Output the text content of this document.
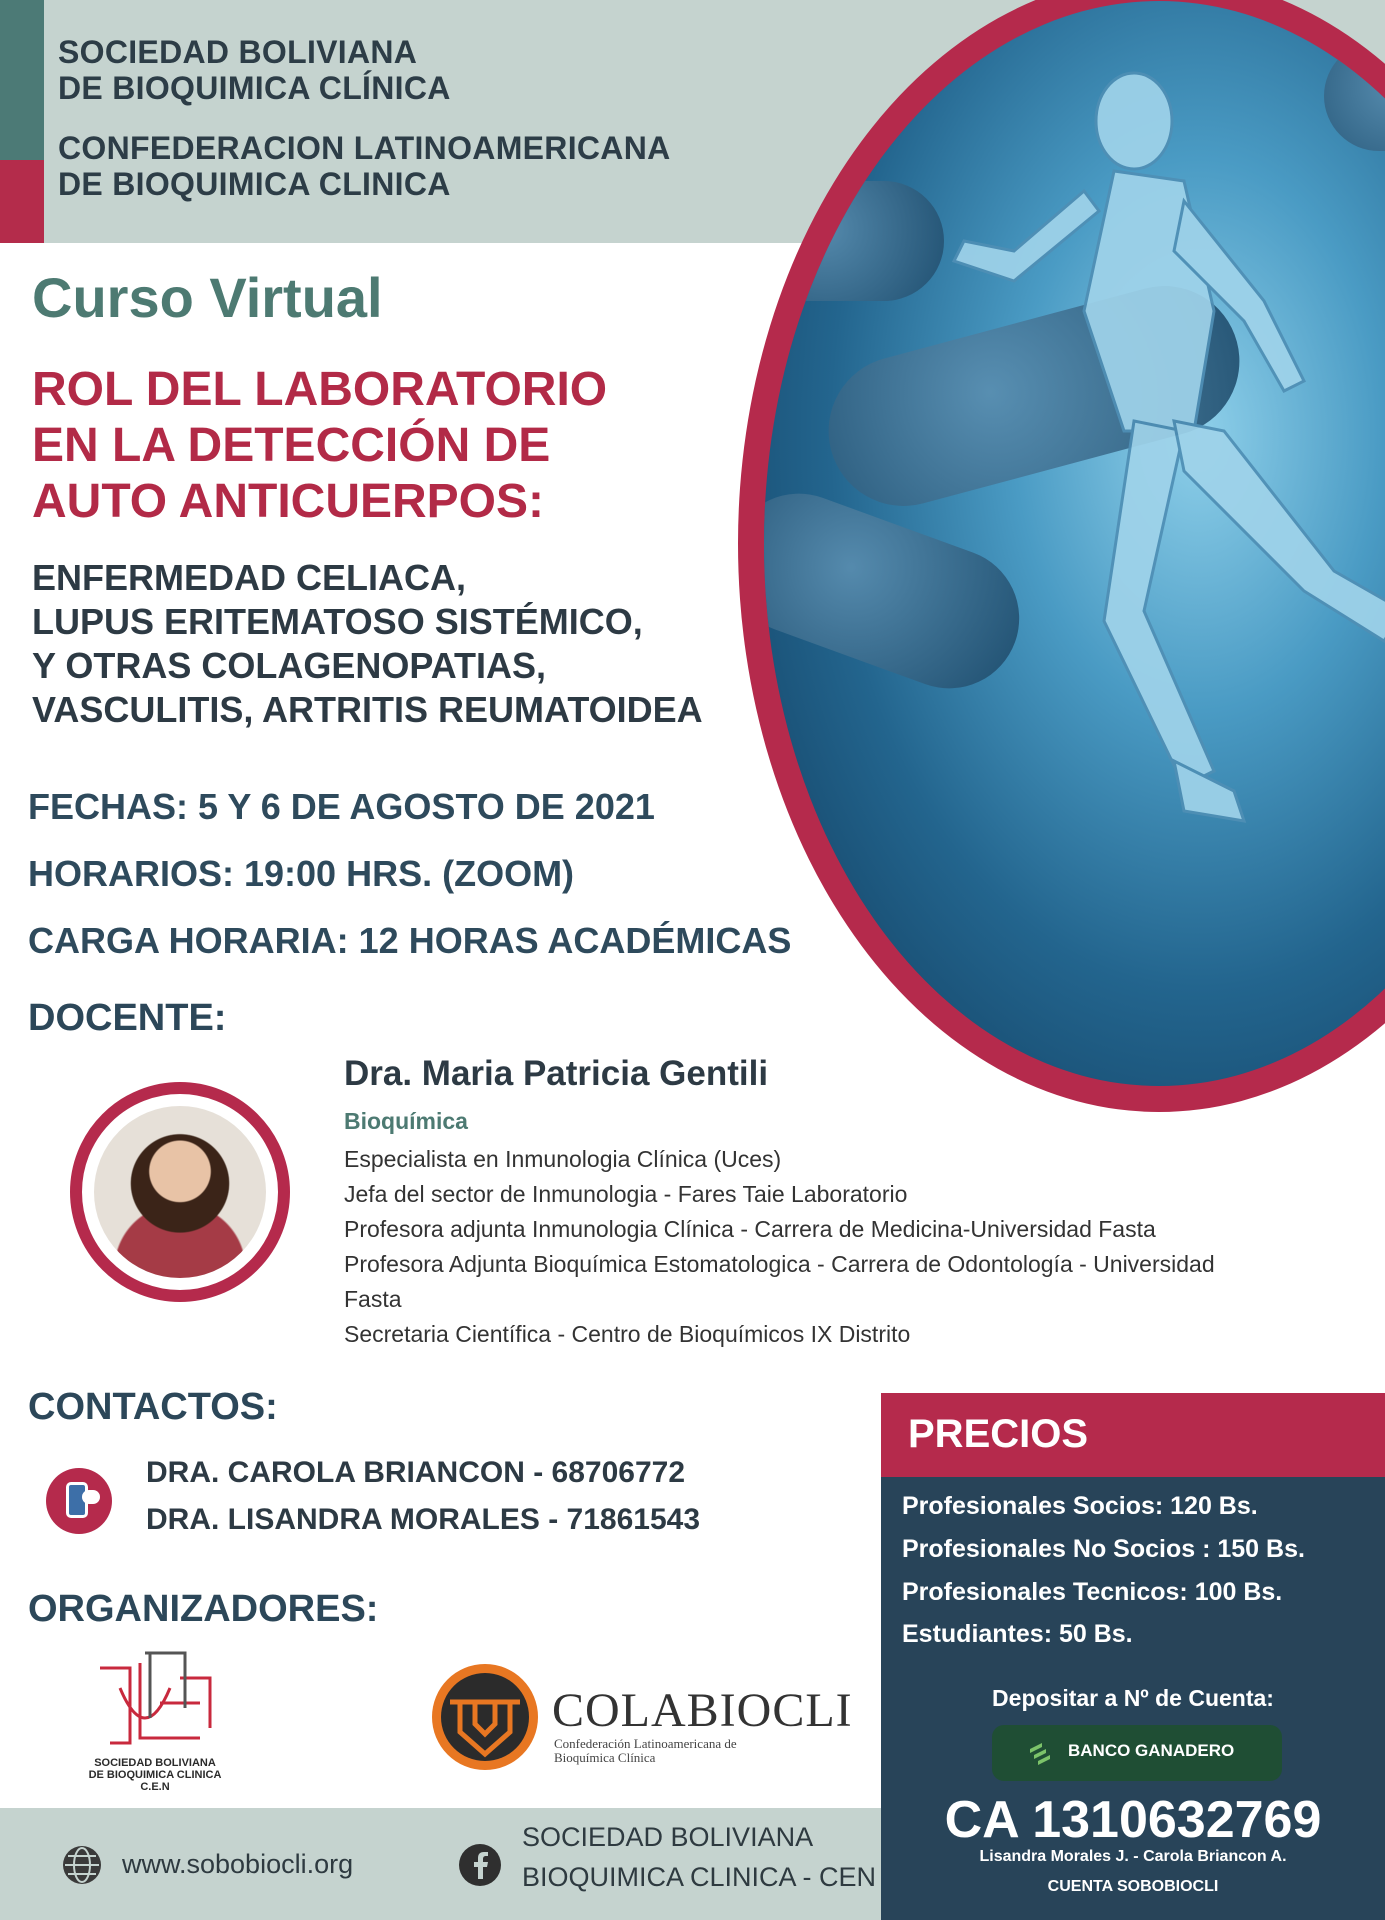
SOCIEDAD BOLIVIANA
DE BIOQUIMICA CLÍNICA
CONFEDERACION LATINOAMERICANA
DE BIOQUIMICA CLINICA
Curso Virtual
ROL DEL LABORATORIO
EN LA DETECCIÓN DE
AUTO ANTICUERPOS:
ENFERMEDAD CELIACA,
LUPUS ERITEMATOSO SISTÉMICO,
Y OTRAS COLAGENOPATIAS,
VASCULITIS, ARTRITIS REUMATOIDEA
FECHAS: 5 Y 6 DE AGOSTO DE 2021
HORARIOS: 19:00 HRS. (ZOOM)
CARGA HORARIA: 12 HORAS ACADÉMICAS
DOCENTE:
Dra. Maria Patricia Gentili
Bioquímica
Especialista en Inmunologia Clínica (Uces)
Jefa del sector de Inmunologia - Fares Taie Laboratorio
Profesora adjunta Inmunologia Clínica - Carrera de Medicina-Universidad Fasta
Profesora Adjunta Bioquímica Estomatologica - Carrera de Odontología - Universidad
Fasta
Secretaria Científica - Centro de Bioquímicos IX Distrito
CONTACTOS:
DRA. CAROLA BRIANCON - 68706772
DRA. LISANDRA MORALES - 71861543
ORGANIZADORES:
SOCIEDAD BOLIVIANA
DE BIOQUIMICA CLINICA
C.E.N
COLABIOCLI
Confederación Latinoamericana de
Bioquímica Clínica
www.sobobiocli.org
SOCIEDAD BOLIVIANA
BIOQUIMICA CLINICA - CEN
PRECIOS
Profesionales Socios: 120 Bs.
Profesionales No Socios : 150 Bs.
Profesionales Tecnicos: 100 Bs.
Estudiantes: 50 Bs.
Depositar a Nº de Cuenta:
BANCO GANADERO
CA 1310632769
Lisandra Morales J. - Carola Briancon A.
CUENTA SOBOBIOCLI
